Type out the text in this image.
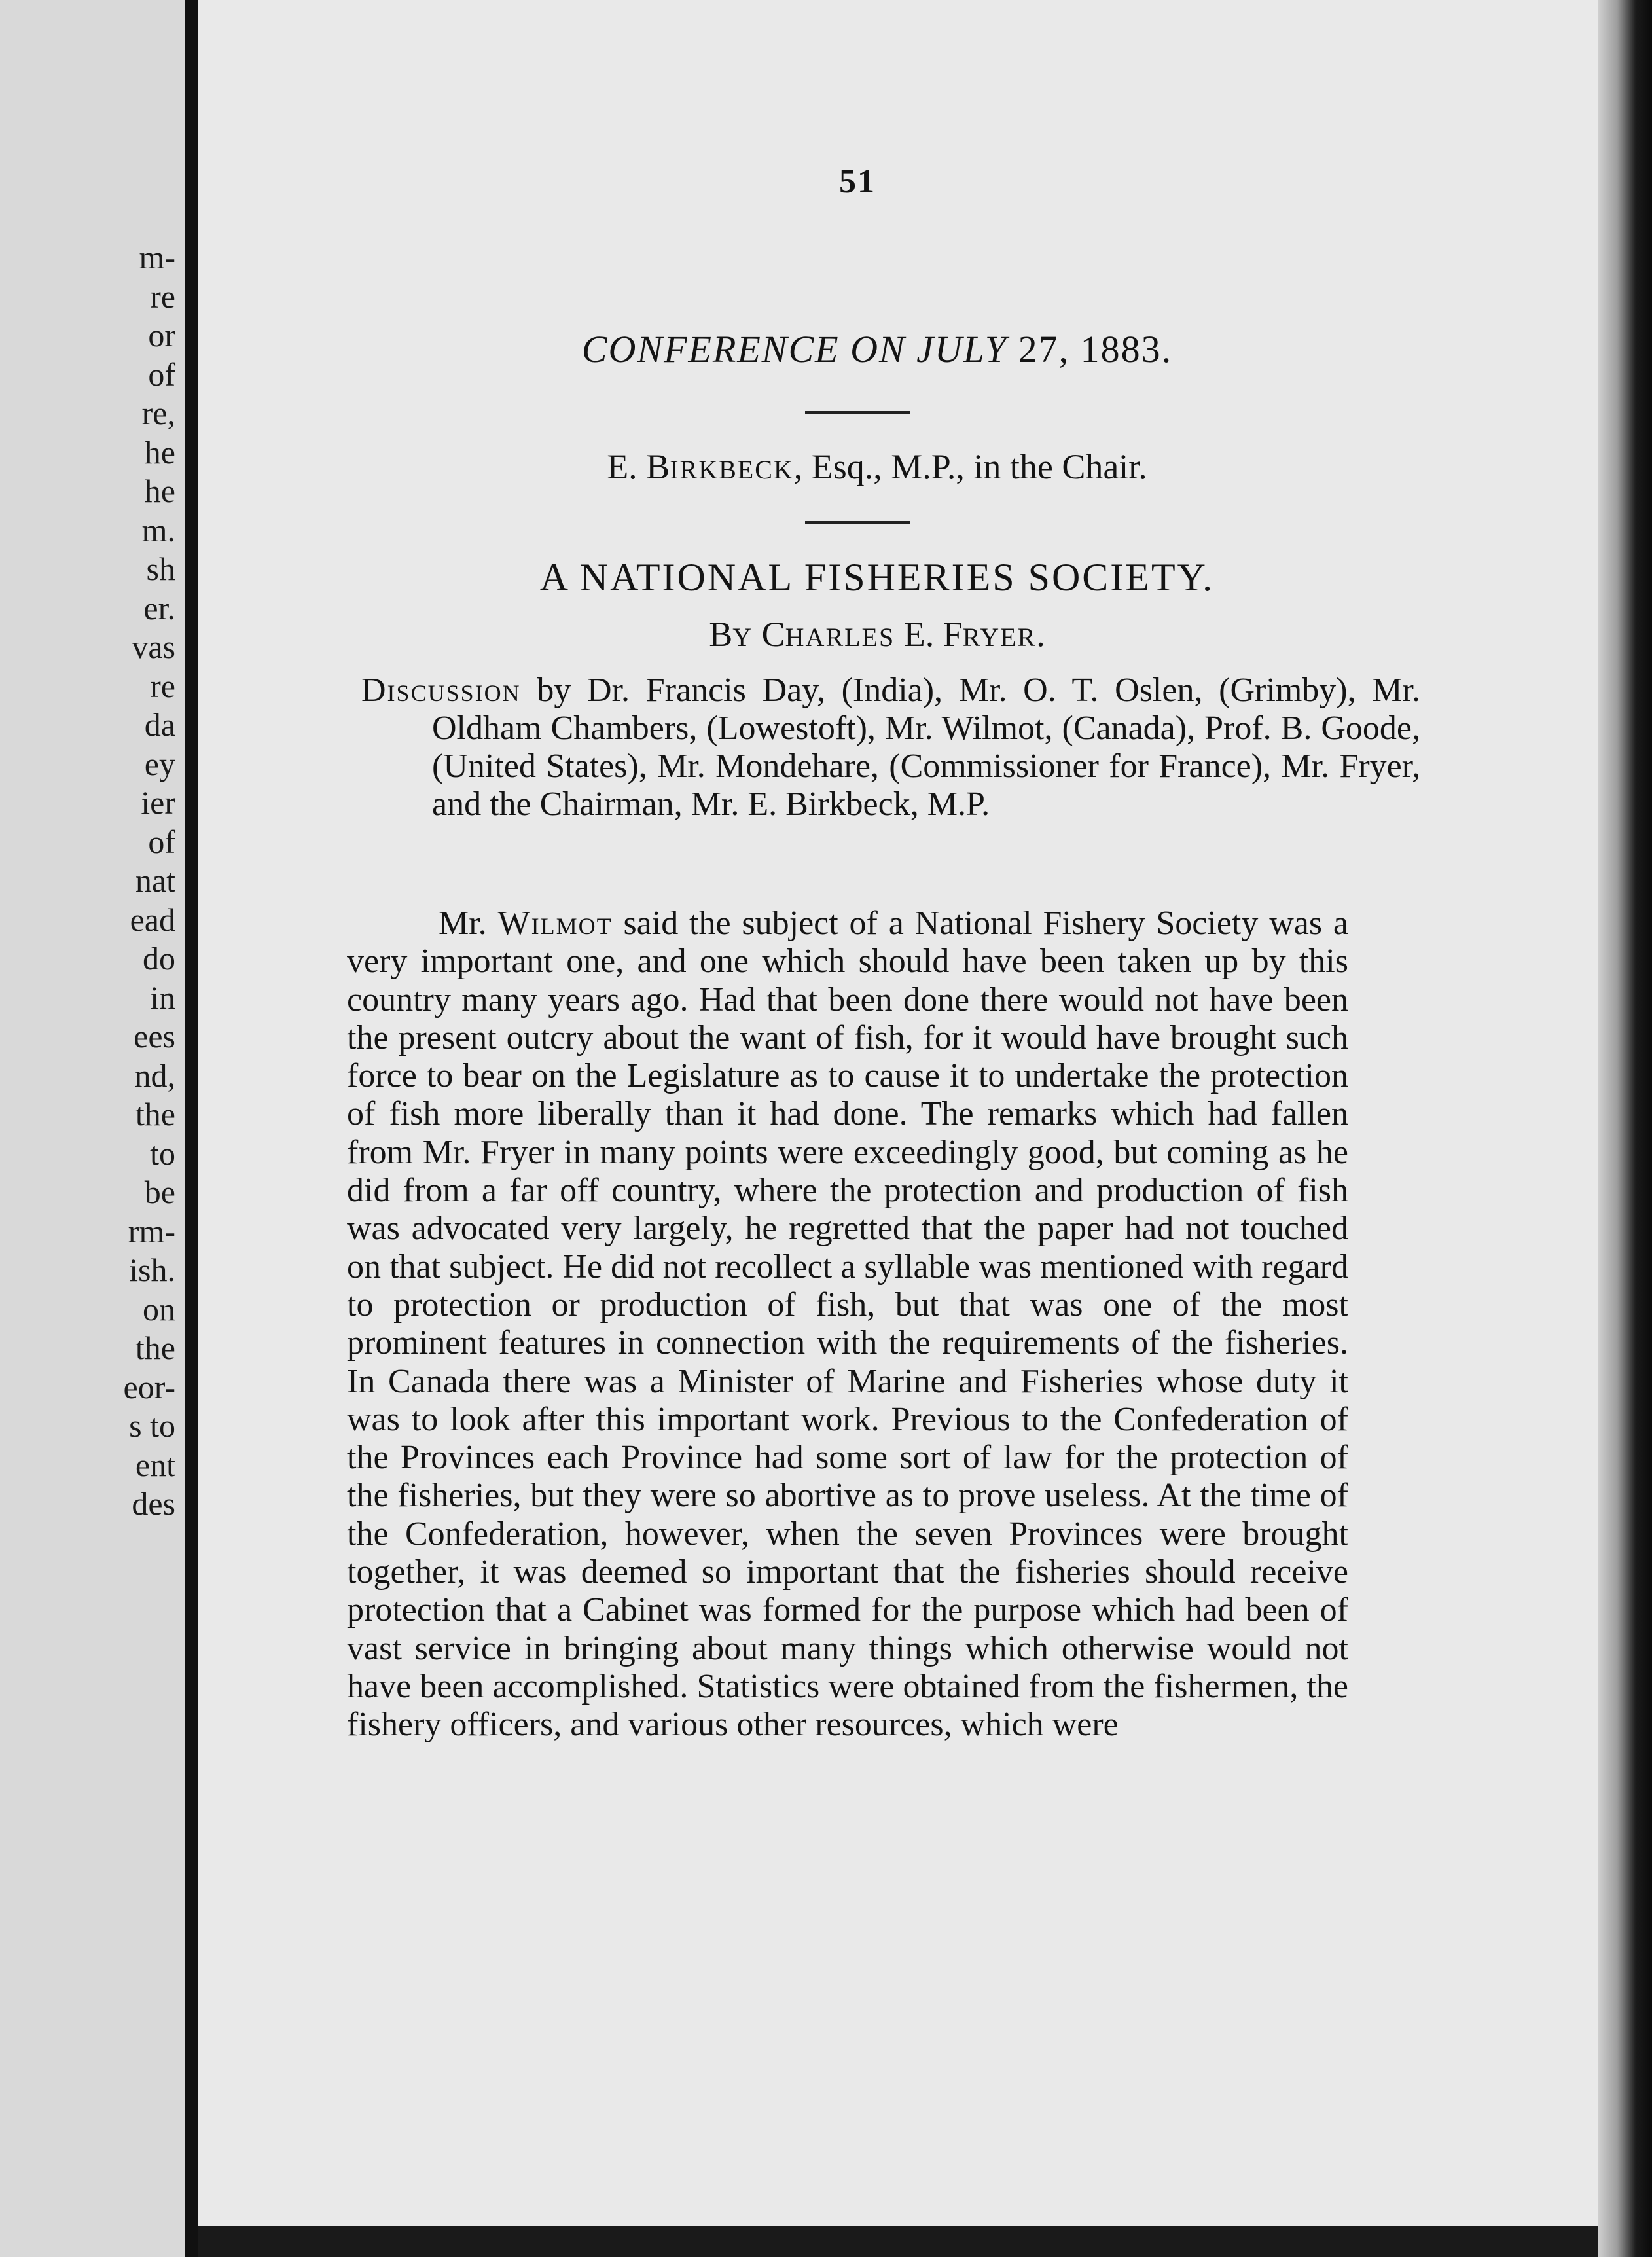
m-
re
or
of
re,
he
he
m.
sh
er.
vas
re
da
ey
ier
of
nat
ead
do
in
ees
nd,
the
to
be
rm-
ish.
on
the
eor-
s to
ent
des
51
CONFERENCE ON JULY 27, 1883.
E. BIRKBECK, Esq., M.P., in the Chair.
A NATIONAL FISHERIES SOCIETY.
BY CHARLES E. FRYER.
Discussion by Dr. Francis Day, (India), Mr. O. T. Oslen, (Grimby), Mr. Oldham Chambers, (Lowestoft), Mr. Wilmot, (Canada), Prof. B. Goode, (United States), Mr. Mondehare, (Commissioner for France), Mr. Fryer, and the Chairman, Mr. E. Birkbeck, M.P.
Mr. Wilmot said the subject of a National Fishery Society was a very important one, and one which should have been taken up by this country many years ago. Had that been done there would not have been the present outcry about the want of fish, for it would have brought such force to bear on the Legislature as to cause it to undertake the protection of fish more liberally than it had done. The remarks which had fallen from Mr. Fryer in many points were exceedingly good, but coming as he did from a far off country, where the protection and production of fish was advocated very largely, he regretted that the paper had not touched on that subject. He did not recollect a syllable was mentioned with regard to protection or production of fish, but that was one of the most prominent features in connection with the requirements of the fisheries. In Canada there was a Minister of Marine and Fisheries whose duty it was to look after this important work. Previous to the Confederation of the Provinces each Province had some sort of law for the protection of the fisheries, but they were so abortive as to prove useless. At the time of the Confederation, however, when the seven Provinces were brought together, it was deemed so important that the fisheries should receive protection that a Cabinet was formed for the purpose which had been of vast service in bringing about many things which otherwise would not have been accomplished. Statistics were obtained from the fishermen, the fishery officers, and various other resources, which were
